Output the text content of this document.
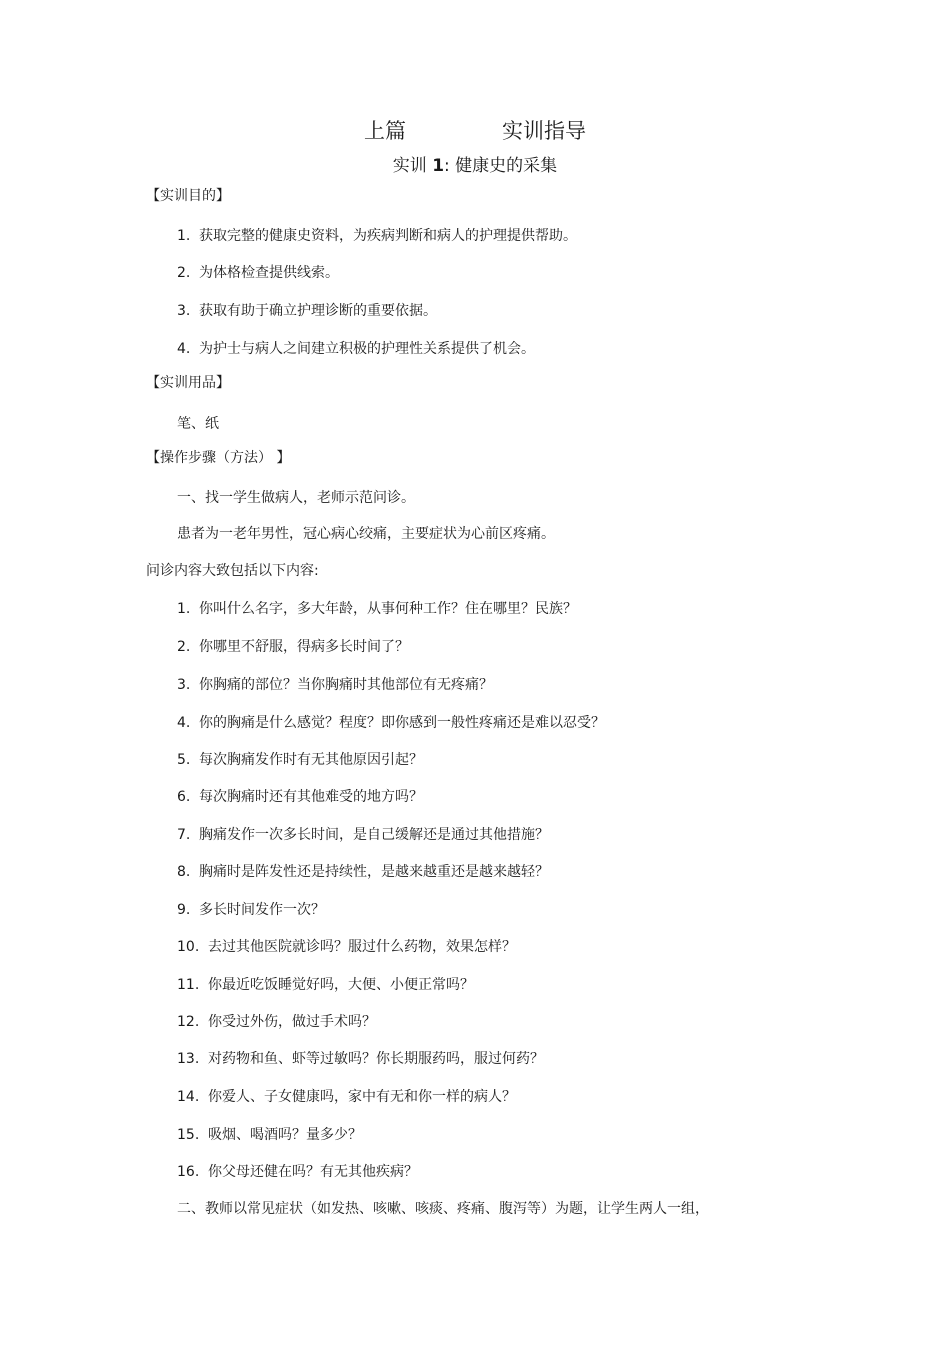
上篇	实训指导
实训 1: 健康史的采集
【实训目的】
1. 获取完整的健康史资料，为疾病判断和病人的护理提供帮助。
2. 为体格检查提供线索。
3. 获取有助于确立护理诊断的重要依据。
4. 为护士与病人之间建立积极的护理性关系提供了机会。
【实训用品】
笔、纸
【操作步骤（方法） 】
一、找一学生做病人，老师示范问诊。
患者为一老年男性，冠心病心绞痛，主要症状为心前区疼痛。
问诊内容大致包括以下内容:
1. 你叫什么名字，多大年龄，从事何种工作？住在哪里？民族？
2. 你哪里不舒服，得病多长时间了？
3. 你胸痛的部位？当你胸痛时其他部位有无疼痛？
4. 你的胸痛是什么感觉？程度？即你感到一般性疼痛还是难以忍受？
5. 每次胸痛发作时有无其他原因引起？
6. 每次胸痛时还有其他难受的地方吗？
7. 胸痛发作一次多长时间，是自己缓解还是通过其他措施？
8. 胸痛时是阵发性还是持续性，是越来越重还是越来越轻？
9. 多长时间发作一次？
10. 去过其他医院就诊吗？服过什么药物，效果怎样？
11. 你最近吃饭睡觉好吗，大便、小便正常吗？
12. 你受过外伤，做过手术吗？
13. 对药物和鱼、虾等过敏吗？你长期服药吗，服过何药？
14. 你爱人、子女健康吗，家中有无和你一样的病人？
15. 吸烟、喝酒吗？量多少？
16. 你父母还健在吗？有无其他疾病？
二、教师以常见症状（如发热、咳嗽、咳痰、疼痛、腹泻等）为题，让学生两人一组，
